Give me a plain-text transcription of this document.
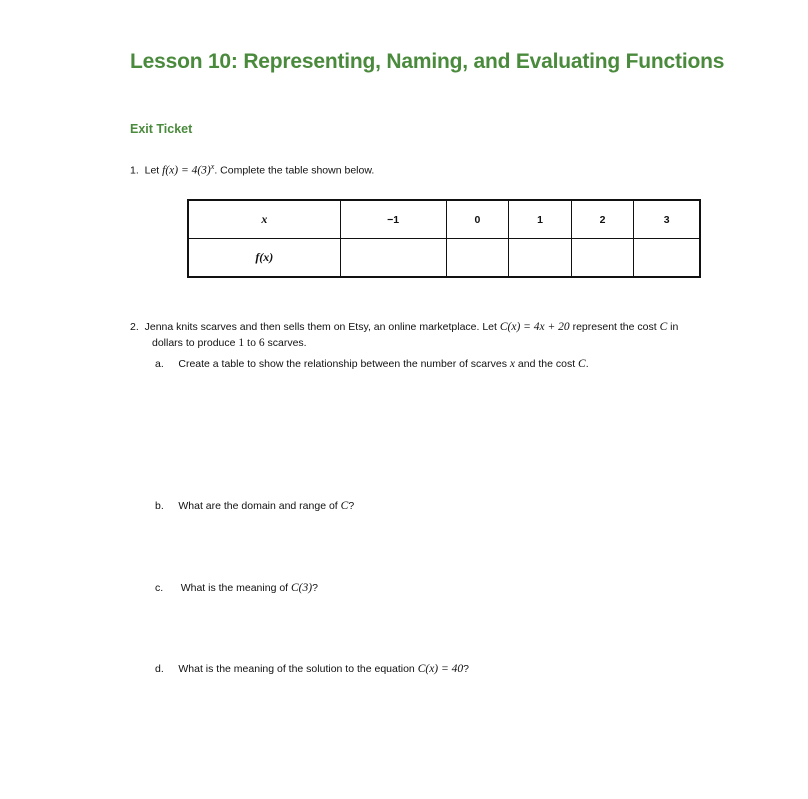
Lesson 10: Representing, Naming, and Evaluating Functions
Exit Ticket
1. Let $f(x) = 4(3)^x$. Complete the table shown below.
x	−1	0	1	2	3
f(x)					
2. Jenna knits scarves and then sells them on Etsy, an online marketplace. Let C(x) = 4x + 20 represent the cost C in
dollars to produce 1 to 6 scarves.
a. Create a table to show the relationship between the number of scarves x and the cost C.
b. What are the domain and range of C?
c. What is the meaning of C(3)?
d. What is the meaning of the solution to the equation C(x) = 40?
